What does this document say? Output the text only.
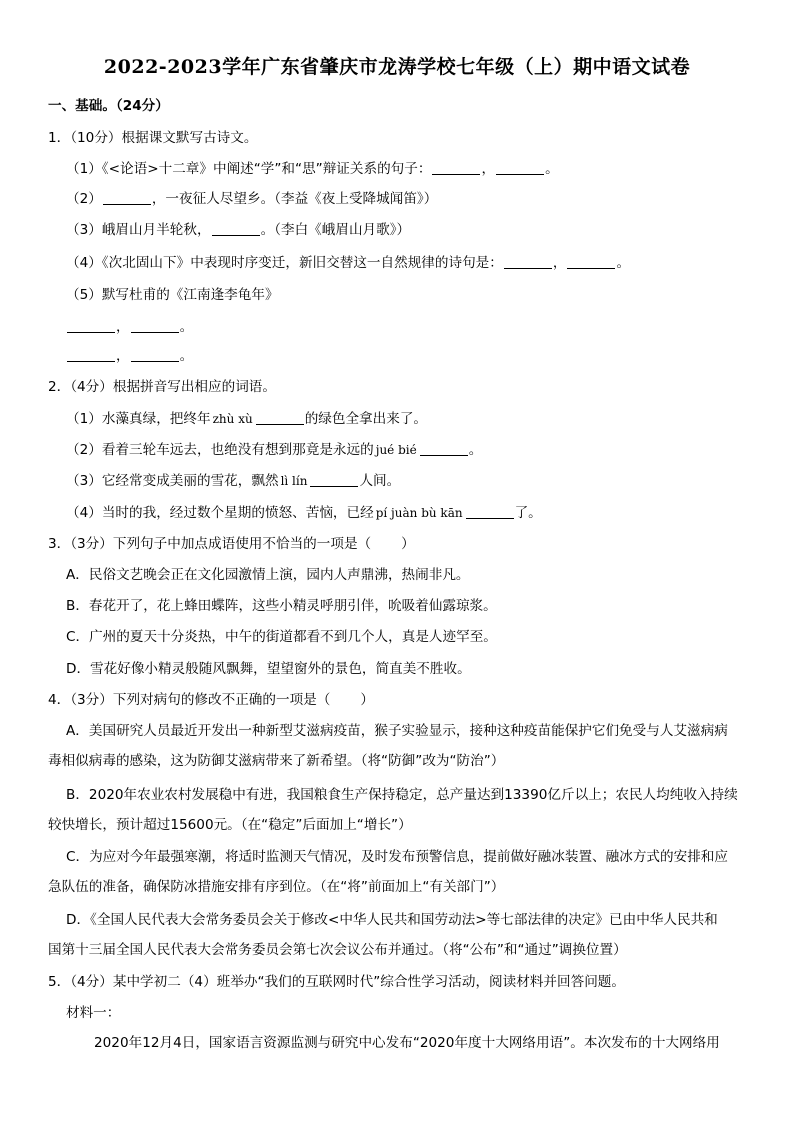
2022-2023学年广东省肇庆市龙涛学校七年级（上）期中语文试卷
一、基础。（24分）
1．（10分）根据课文默写古诗文。
（1）《<论语>十二章》中阐述“学”和“思”辩证关系的句子：	，	。
（2）	，一夜征人尽望乡。（李益《夜上受降城闻笛》）
（3）峨眉山月半轮秋，	。（李白《峨眉山月歌》）
（4）《次北固山下》中表现时序变迁，新旧交替这一自然规律的诗句是：	，	。
（5）默写杜甫的《江南逢李龟年》
，	。
，	。
2．（4分）根据拼音写出相应的词语。
（1）水藻真绿，把终年 zhù xù	的绿色全拿出来了。
（2）看着三轮车远去，也绝没有想到那竟是永远的 jué bié	。
（3）它经常变成美丽的雪花，飘然 lì lín	人间。
（4）当时的我，经过数个星期的愤怒、苦恼，已经 pí juàn bù kān	了。
3．（3分）下列句子中加点成语使用不恰当的一项是（ ）
A．民俗文艺晚会正在文化园激情上演，园内人声鼎沸，热闹非凡。
B．春花开了，花上蜂田蝶阵，这些小精灵呼朋引伴，吮吸着仙露琼浆。
C．广州的夏天十分炎热，中午的街道都看不到几个人，真是人迹罕至。
D．雪花好像小精灵般随风飘舞，望望窗外的景色，简直美不胜收。
4．（3分）下列对病句的修改不正确的一项是（ ）
A．美国研究人员最近开发出一种新型艾滋病疫苗，猴子实验显示，接种这种疫苗能保护它们免受与人艾滋病病
毒相似病毒的感染，这为防御艾滋病带来了新希望。（将“防御”改为“防治”）
B．2020年农业农村发展稳中有进，我国粮食生产保持稳定，总产量达到13390亿斤以上；农民人均纯收入持续
较快增长，预计超过15600元。（在“稳定”后面加上“增长”）
C．为应对今年最强寒潮，将适时监测天气情况，及时发布预警信息，提前做好融冰装置、融冰方式的安排和应
急队伍的准备，确保防冰措施安排有序到位。（在“将”前面加上“有关部门”）
D．《全国人民代表大会常务委员会关于修改<中华人民共和国劳动法>等七部法律的决定》已由中华人民共和
国第十三届全国人民代表大会常务委员会第七次会议公布并通过。（将“公布”和“通过”调换位置）
5．（4分）某中学初二（4）班举办“我们的互联网时代”综合性学习活动，阅读材料并回答问题。
材料一：
2020年12月4日，国家语言资源监测与研究中心发布“2020年度十大网络用语”。本次发布的十大网络用
